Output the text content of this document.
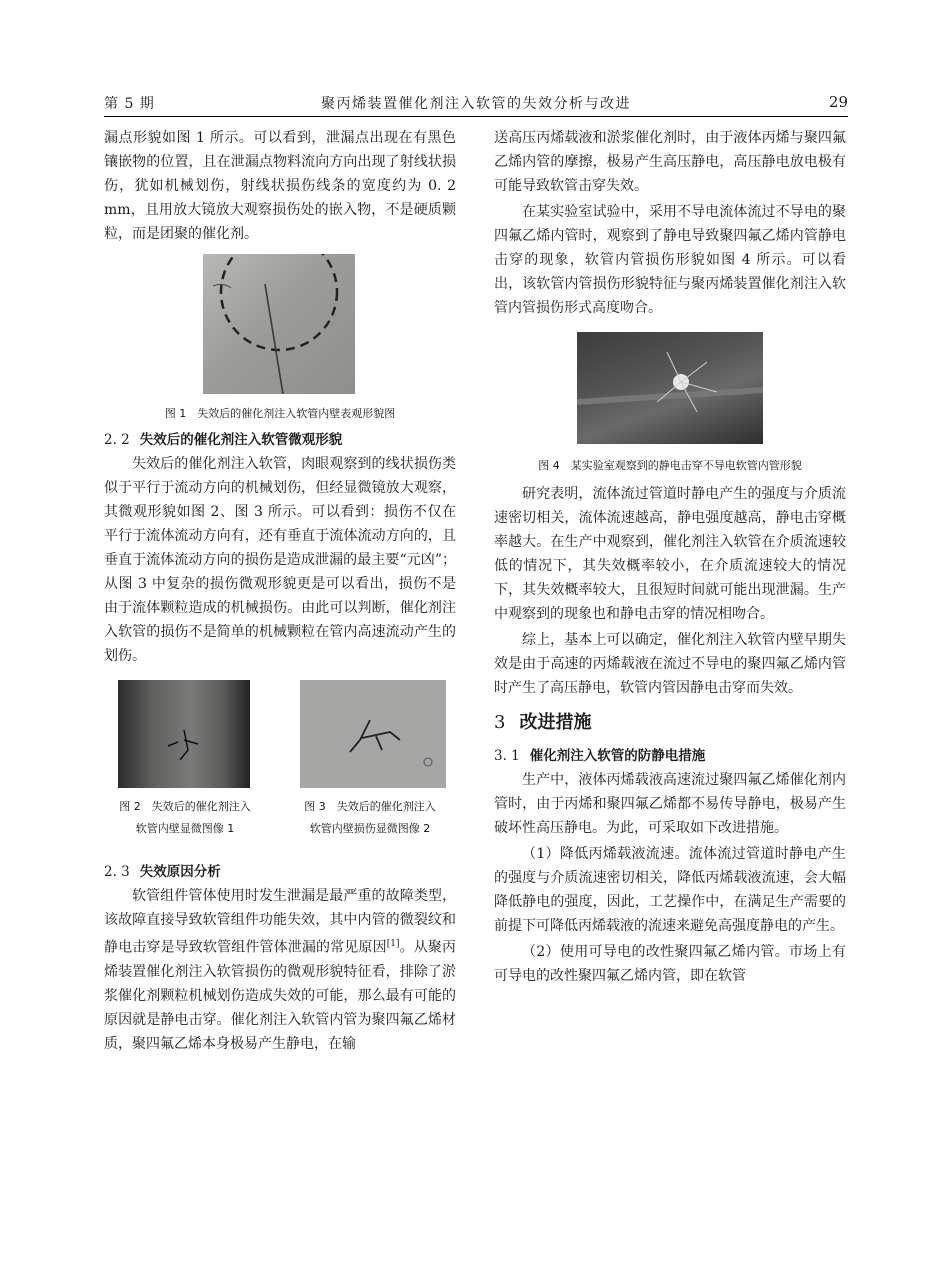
第 5 期	聚丙烯装置催化剂注入软管的失效分析与改进	29

漏点形貌如图 1 所示。可以看到，泄漏点出现在有黑色镶嵌物的位置，且在泄漏点物料流向方向出现了射线状损伤，犹如机械划伤，射线状损伤线条的宽度约为 0. 2 mm，且用放大镜放大观察损伤处的嵌入物，不是硬质颗粒，而是团聚的催化剂。

图 1　失效后的催化剂注入软管内壁表观形貌图
2. 2 失效后的催化剂注入软管微观形貌

失效后的催化剂注入软管，肉眼观察到的线状损伤类似于平行于流动方向的机械划伤，但经显微镜放大观察，其微观形貌如图 2、图 3 所示。可以看到：损伤不仅在平行于流体流动方向有，还有垂直于流体流动方向的，且垂直于流体流动方向的损伤是造成泄漏的最主要“元凶”；从图 3 中复杂的损伤微观形貌更是可以看出，损伤不是由于流体颗粒造成的机械损伤。由此可以判断，催化剂注入软管的损伤不是简单的机械颗粒在管内高速流动产生的划伤。

图 2　失效后的催化剂注入
软管内壁显微图像 1
图 3　失效后的催化剂注入
软管内壁损伤显微图像 2
2. 3 失效原因分析

软管组件管体使用时发生泄漏是最严重的故障类型，该故障直接导致软管组件功能失效，其中内管的微裂纹和静电击穿是导致软管组件管体泄漏的常见原因[1]。从聚丙烯装置催化剂注入软管损伤的微观形貌特征看，排除了淤浆催化剂颗粒机械划伤造成失效的可能，那么最有可能的原因就是静电击穿。催化剂注入软管内管为聚四氟乙烯材质，聚四氟乙烯本身极易产生静电，在输

送高压丙烯载液和淤浆催化剂时，由于液体丙烯与聚四氟乙烯内管的摩擦，极易产生高压静电，高压静电放电极有可能导致软管击穿失效。

在某实验室试验中，采用不导电流体流过不导电的聚四氟乙烯内管时，观察到了静电导致聚四氟乙烯内管静电击穿的现象，软管内管损伤形貌如图 4 所示。可以看出，该软管内管损伤形貌特征与聚丙烯装置催化剂注入软管内管损伤形式高度吻合。

图 4　某实验室观察到的静电击穿不导电软管内管形貌

研究表明，流体流过管道时静电产生的强度与介质流速密切相关，流体流速越高，静电强度越高，静电击穿概率越大。在生产中观察到，催化剂注入软管在介质流速较低的情况下，其失效概率较小，在介质流速较大的情况下，其失效概率较大，且很短时间就可能出现泄漏。生产中观察到的现象也和静电击穿的情况相吻合。

综上，基本上可以确定，催化剂注入软管内壁早期失效是由于高速的丙烯载液在流过不导电的聚四氟乙烯内管时产生了高压静电，软管内管因静电击穿而失效。

3 改进措施
3. 1 催化剂注入软管的防静电措施

生产中，液体丙烯载液高速流过聚四氟乙烯催化剂内管时，由于丙烯和聚四氟乙烯都不易传导静电，极易产生破坏性高压静电。为此，可采取如下改进措施。

（1）降低丙烯载液流速。流体流过管道时静电产生的强度与介质流速密切相关，降低丙烯载液流速，会大幅降低静电的强度，因此，工艺操作中，在满足生产需要的前提下可降低丙烯载液的流速来避免高强度静电的产生。

（2）使用可导电的改性聚四氟乙烯内管。市场上有可导电的改性聚四氟乙烯内管，即在软管
